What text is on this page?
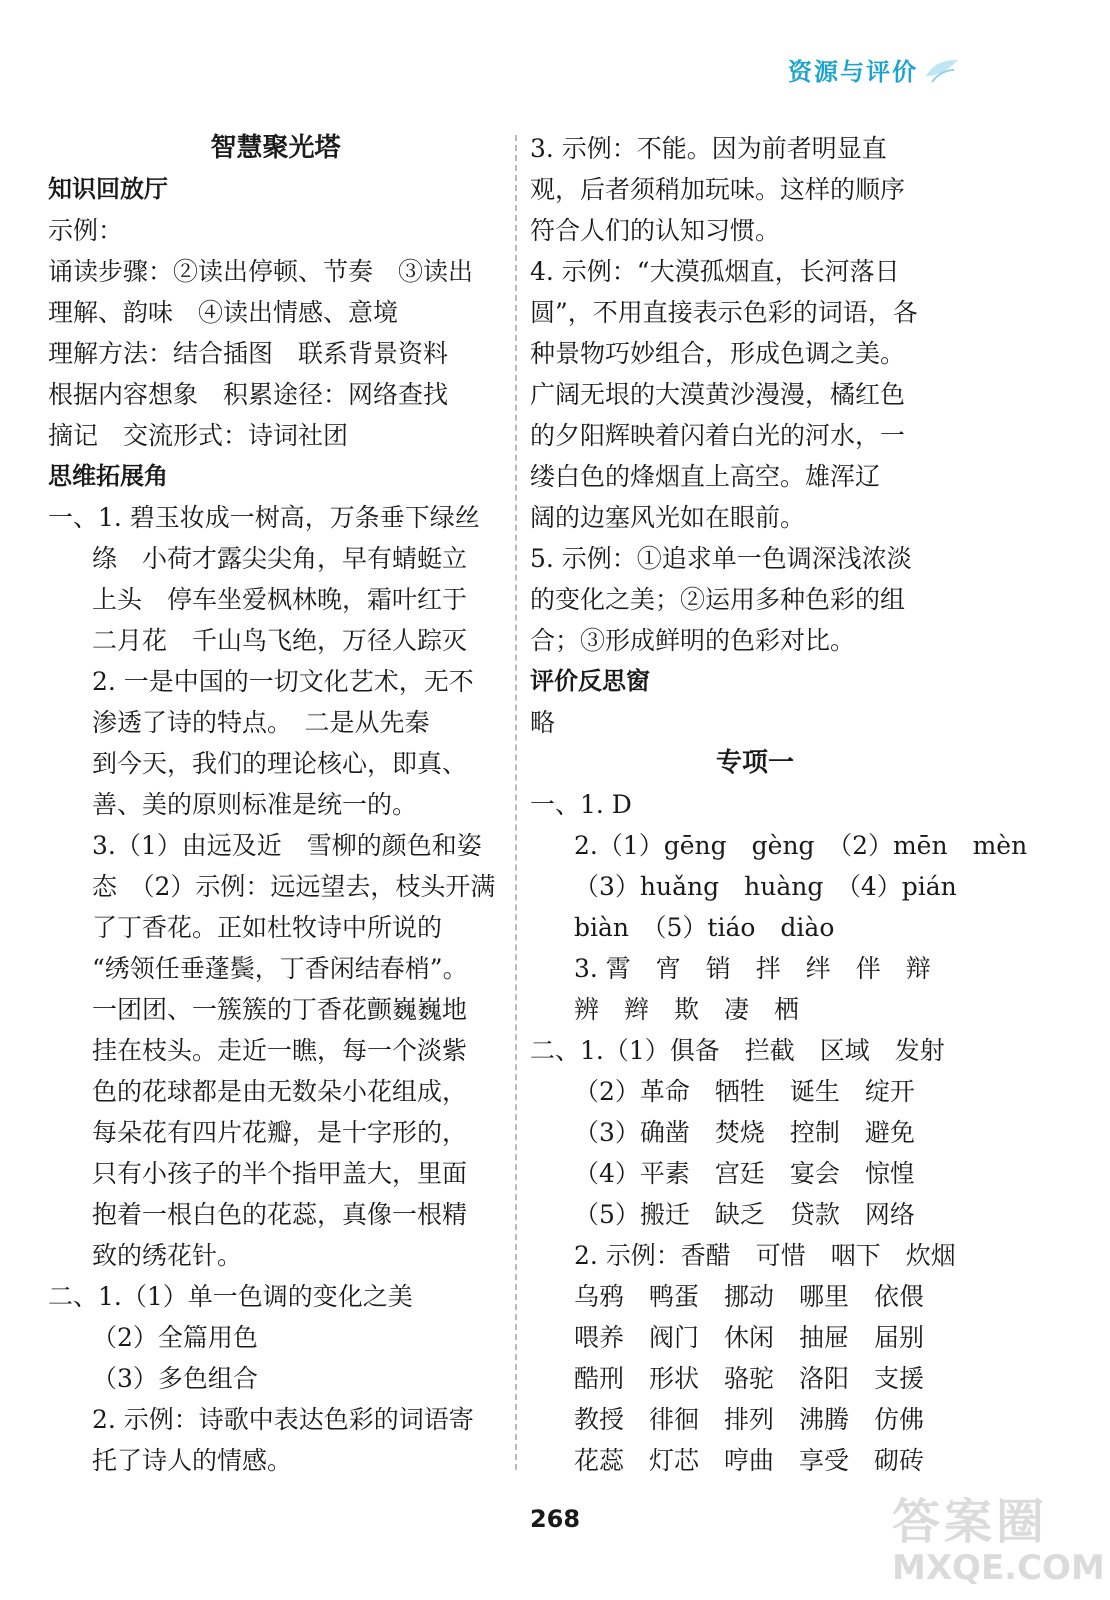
资源与评价
智慧聚光塔
知识回放厅
示例：
诵读步骤：②读出停顿、节奏　③读出
理解、韵味　④读出情感、意境
理解方法：结合插图　联系背景资料
根据内容想象　积累途径：网络查找
摘记　交流形式：诗词社团
思维拓展角
一、1. 碧玉妆成一树高，万条垂下绿丝
绦　小荷才露尖尖角，早有蜻蜓立
上头　停车坐爱枫林晚，霜叶红于
二月花　千山鸟飞绝，万径人踪灭
2. 一是中国的一切文化艺术，无不
渗透了诗的特点。　二是从先秦
到今天，我们的理论核心，即真、
善、美的原则标准是统一的。
3.（1）由远及近　雪柳的颜色和姿
态　（2）示例：远远望去，枝头开满
了丁香花。正如杜牧诗中所说的
“绣领任垂蓬鬓，丁香闲结春梢”。
一团团、一簇簇的丁香花颤巍巍地
挂在枝头。走近一瞧，每一个淡紫
色的花球都是由无数朵小花组成，
每朵花有四片花瓣，是十字形的，
只有小孩子的半个指甲盖大，里面
抱着一根白色的花蕊，真像一根精
致的绣花针。
二、1.（1）单一色调的变化之美
（2）全篇用色
（3）多色组合
2. 示例：诗歌中表达色彩的词语寄
托了诗人的情感。
3. 示例：不能。因为前者明显直
观，后者须稍加玩味。这样的顺序
符合人们的认知习惯。
4. 示例：“大漠孤烟直，长河落日
圆”，不用直接表示色彩的词语，各
种景物巧妙组合，形成色调之美。
广阔无垠的大漠黄沙漫漫，橘红色
的夕阳辉映着闪着白光的河水，一
缕白色的烽烟直上高空。雄浑辽
阔的边塞风光如在眼前。
5. 示例：①追求单一色调深浅浓淡
的变化之美；②运用多种色彩的组
合；③形成鲜明的色彩对比。
评价反思窗
略
专项一
一、1. D
2.（1）gēng　gèng　（2）mēn　mèn
（3）huǎng　huàng　（4）pián
biàn　（5）tiáo　diào
3. 霄　宵　销　拌　绊　伴　辩
辨　辫　欺　凄　栖
二、1.（1）俱备　拦截　区域　发射
（2）革命　牺牲　诞生　绽开
（3）确凿　焚烧　控制　避免
（4）平素　宫廷　宴会　惊惶
（5）搬迁　缺乏　贷款　网络
2. 示例：香醋　可惜　咽下　炊烟
乌鸦　鸭蛋　挪动　哪里　依偎
喂养　阀门　休闲　抽屉　届别
酷刑　形状　骆驼　洛阳　支援
教授　徘徊　排列　沸腾　仿佛
花蕊　灯芯　哼曲　享受　砌砖
268	答案圈
MXQE.COM
